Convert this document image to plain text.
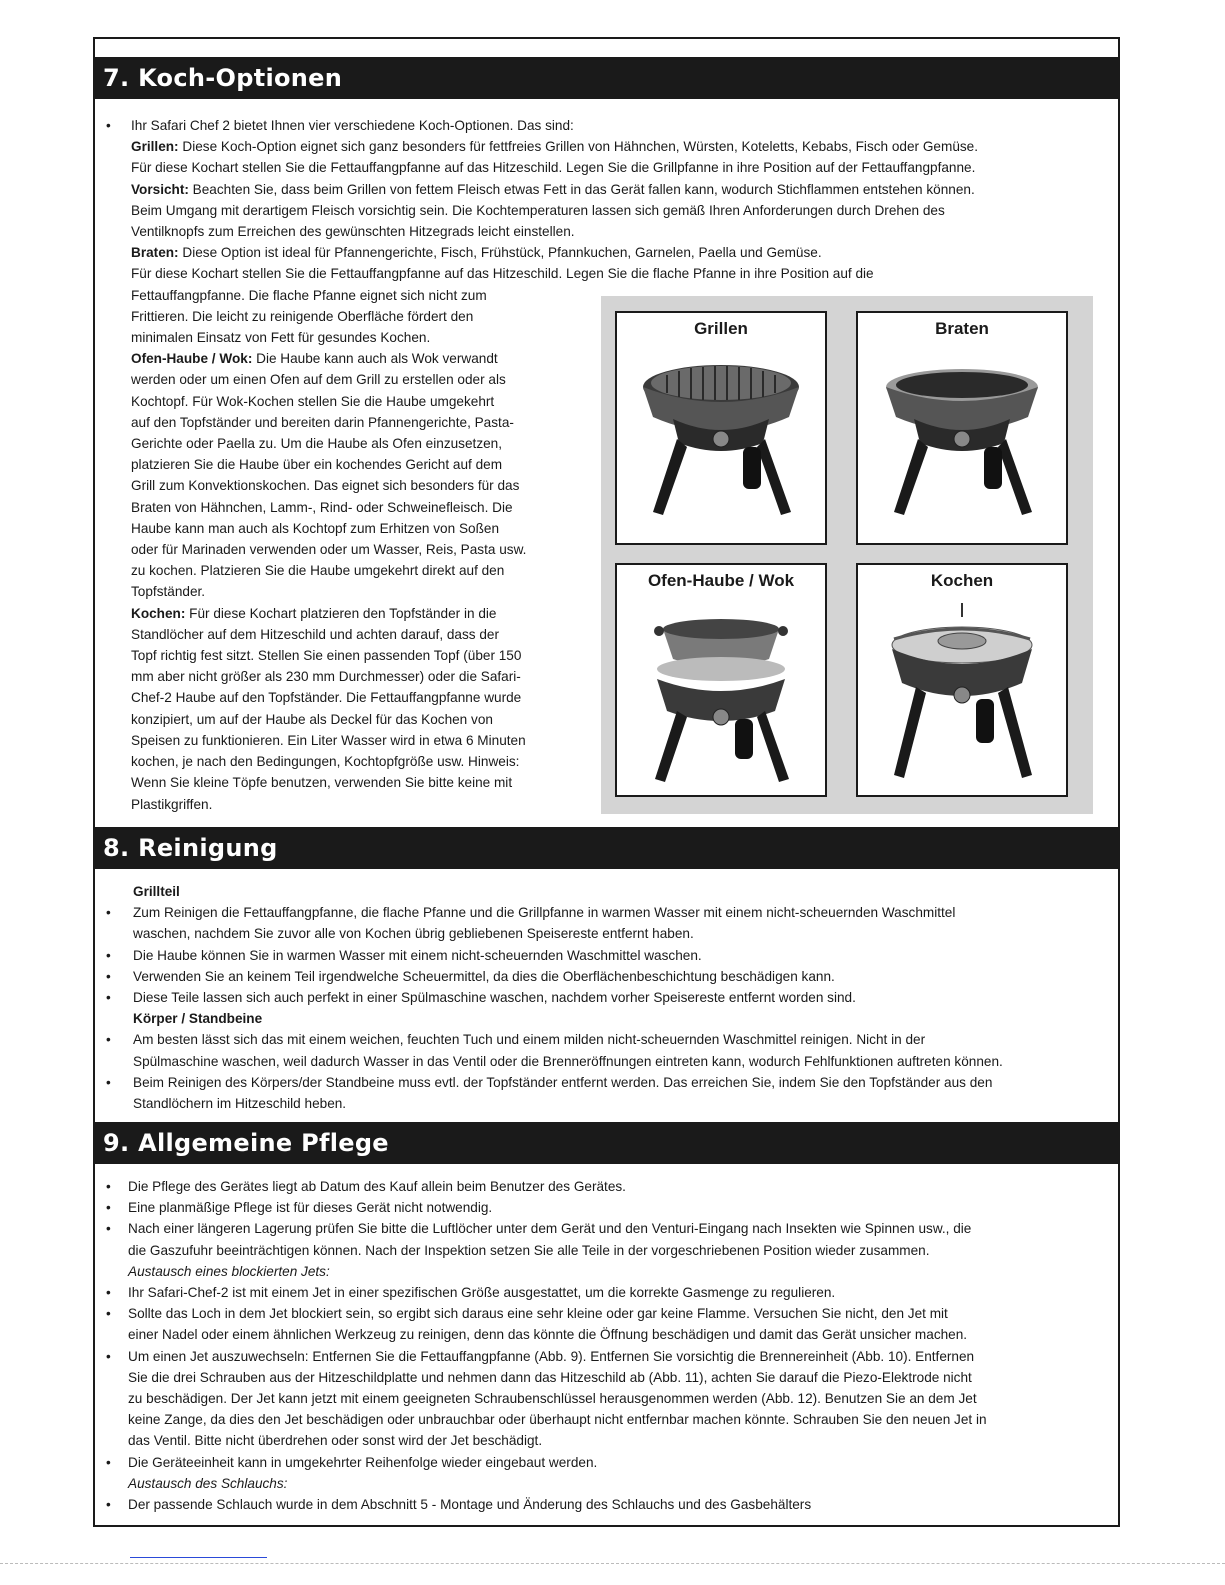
7. Koch-Optionen
• Ihr Safari Chef 2 bietet Ihnen vier verschiedene Koch-Optionen. Das sind:
Grillen: Diese Koch-Option eignet sich ganz besonders für fettfreies Grillen von Hähnchen, Würsten, Koteletts, Kebabs, Fisch oder Gemüse.
Für diese Kochart stellen Sie die Fettauffangpfanne auf das Hitzeschild. Legen Sie die Grillpfanne in ihre Position auf der Fettauffangpfanne.
Vorsicht: Beachten Sie, dass beim Grillen von fettem Fleisch etwas Fett in das Gerät fallen kann, wodurch Stichflammen entstehen können.
Beim Umgang mit derartigem Fleisch vorsichtig sein. Die Kochtemperaturen lassen sich gemäß Ihren Anforderungen durch Drehen des
Ventilknopfs zum Erreichen des gewünschten Hitzegrads leicht einstellen.
Braten: Diese Option ist ideal für Pfannengerichte, Fisch, Frühstück, Pfannkuchen, Garnelen, Paella und Gemüse.
Für diese Kochart stellen Sie die Fettauffangpfanne auf das Hitzeschild. Legen Sie die flache Pfanne in ihre Position auf die
Fettauffangpfanne. Die flache Pfanne eignet sich nicht zum
Frittieren. Die leicht zu reinigende Oberfläche fördert den
minimalen Einsatz von Fett für gesundes Kochen.
Ofen-Haube / Wok: Die Haube kann auch als Wok verwandt
werden oder um einen Ofen auf dem Grill zu erstellen oder als
Kochtopf. Für Wok-Kochen stellen Sie die Haube umgekehrt
auf den Topfständer und bereiten darin Pfannengerichte, Pasta-
Gerichte oder Paella zu. Um die Haube als Ofen einzusetzen,
platzieren Sie die Haube über ein kochendes Gericht auf dem
Grill zum Konvektionskochen. Das eignet sich besonders für das
Braten von Hähnchen, Lamm-, Rind- oder Schweinefleisch. Die
Haube kann man auch als Kochtopf zum Erhitzen von Soßen
oder für Marinaden verwenden oder um Wasser, Reis, Pasta usw.
zu kochen. Platzieren Sie die Haube umgekehrt direkt auf den
Topfständer.
Kochen: Für diese Kochart platzieren den Topfständer in die
Standlöcher auf dem Hitzeschild und achten darauf, dass der
Topf richtig fest sitzt. Stellen Sie einen passenden Topf (über 150
mm aber nicht größer als 230 mm Durchmesser) oder die Safari-
Chef-2 Haube auf den Topfständer. Die Fettauffangpfanne wurde
konzipiert, um auf der Haube als Deckel für das Kochen von
Speisen zu funktionieren. Ein Liter Wasser wird in etwa 6 Minuten
kochen, je nach den Bedingungen, Kochtopfgröße usw. Hinweis:
Wenn Sie kleine Töpfe benutzen, verwenden Sie bitte keine mit
Plastikgriffen.
Grillen	Braten
Ofen-Haube / Wok	Kochen
8. Reinigung
Grillteil
• Zum Reinigen die Fettauffangpfanne, die flache Pfanne und die Grillpfanne in warmen Wasser mit einem nicht-scheuernden Waschmittel
waschen, nachdem Sie zuvor alle von Kochen übrig gebliebenen Speisereste entfernt haben.
• Die Haube können Sie in warmen Wasser mit einem nicht-scheuernden Waschmittel waschen.
• Verwenden Sie an keinem Teil irgendwelche Scheuermittel, da dies die Oberflächenbeschichtung beschädigen kann.
• Diese Teile lassen sich auch perfekt in einer Spülmaschine waschen, nachdem vorher Speisereste entfernt worden sind.
Körper / Standbeine
• Am besten lässt sich das mit einem weichen, feuchten Tuch und einem milden nicht-scheuernden Waschmittel reinigen. Nicht in der
Spülmaschine waschen, weil dadurch Wasser in das Ventil oder die Brenneröffnungen eintreten kann, wodurch Fehlfunktionen auftreten können.
• Beim Reinigen des Körpers/der Standbeine muss evtl. der Topfständer entfernt werden. Das erreichen Sie, indem Sie den Topfständer aus den
Standlöchern im Hitzeschild heben.
9. Allgemeine Pflege
• Die Pflege des Gerätes liegt ab Datum des Kauf allein beim Benutzer des Gerätes.
• Eine planmäßige Pflege ist für dieses Gerät nicht notwendig.
• Nach einer längeren Lagerung prüfen Sie bitte die Luftlöcher unter dem Gerät und den Venturi-Eingang nach Insekten wie Spinnen usw., die
die Gaszufuhr beeinträchtigen können. Nach der Inspektion setzen Sie alle Teile in der vorgeschriebenen Position wieder zusammen.
Austausch eines blockierten Jets:
• Ihr Safari-Chef-2 ist mit einem Jet in einer spezifischen Größe ausgestattet, um die korrekte Gasmenge zu regulieren.
• Sollte das Loch in dem Jet blockiert sein, so ergibt sich daraus eine sehr kleine oder gar keine Flamme. Versuchen Sie nicht, den Jet mit
einer Nadel oder einem ähnlichen Werkzeug zu reinigen, denn das könnte die Öffnung beschädigen und damit das Gerät unsicher machen.
• Um einen Jet auszuwechseln: Entfernen Sie die Fettauffangpfanne (Abb. 9). Entfernen Sie vorsichtig die Brennereinheit (Abb. 10). Entfernen
Sie die drei Schrauben aus der Hitzeschildplatte und nehmen dann das Hitzeschild ab (Abb. 11), achten Sie darauf die Piezo-Elektrode nicht
zu beschädigen. Der Jet kann jetzt mit einem geeigneten Schraubenschlüssel herausgenommen werden (Abb. 12). Benutzen Sie an dem Jet
keine Zange, da dies den Jet beschädigen oder unbrauchbar oder überhaupt nicht entfernbar machen könnte. Schrauben Sie den neuen Jet in
das Ventil. Bitte nicht überdrehen oder sonst wird der Jet beschädigt.
• Die Geräteeinheit kann in umgekehrter Reihenfolge wieder eingebaut werden.
Austausch des Schlauchs:
• Der passende Schlauch wurde in dem Abschnitt 5 - Montage und Änderung des Schlauchs und des Gasbehälters
